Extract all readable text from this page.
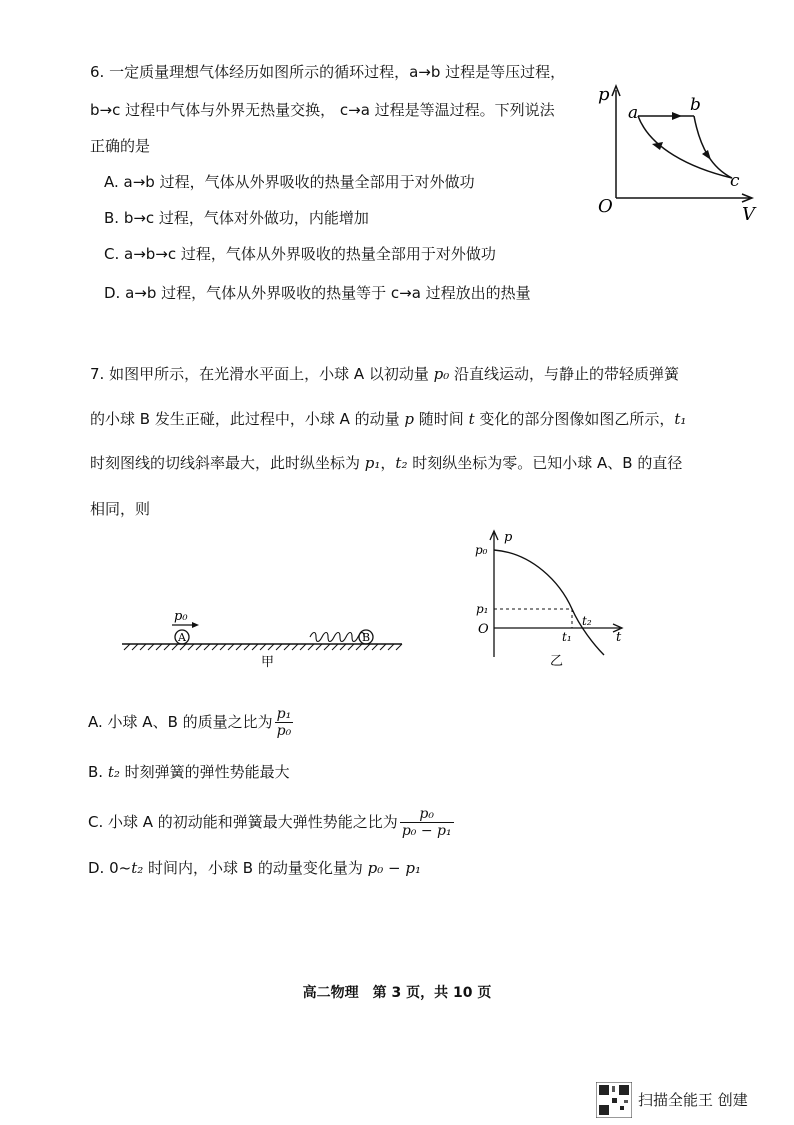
6. 一定质量理想气体经历如图所示的循环过程，a→b 过程是等压过程，
b→c 过程中气体与外界无热量交换， c→a 过程是等温过程。下列说法
正确的是
A. a→b 过程，气体从外界吸收的热量全部用于对外做功
B. b→c 过程，气体对外做功，内能增加
C. a→b→c 过程，气体从外界吸收的热量全部用于对外做功
D. a→b 过程，气体从外界吸收的热量等于 c→a 过程放出的热量
p
V
O
a	b
c
7. 如图甲所示，在光滑水平面上，小球 A 以初动量 p₀ 沿直线运动，与静止的带轻质弹簧
的小球 B 发生正碰，此过程中，小球 A 的动量 p 随时间 t 变化的部分图像如图乙所示，t₁
时刻图线的切线斜率最大，此时纵坐标为 p₁，t₂ 时刻纵坐标为零。已知小球 A、B 的直径
相同，则
p₀
A	B
甲
p
t
p₀
p₁
O	t₁
t₂
乙
A. 小球 A、B 的质量之比为 $\frac{\text{p₁}}{\text{p₀}}$
B. t₂ 时刻弹簧的弹性势能最大
C. 小球 A 的初动能和弹簧最大弹性势能之比为 $\frac{\text{p₀}}{\text{p₀ − p₁}}$
D. 0~t₂ 时间内，小球 B 的动量变化量为 p₀ − p₁
高二物理　第 3 页，共 10 页
扫描全能王 创建
